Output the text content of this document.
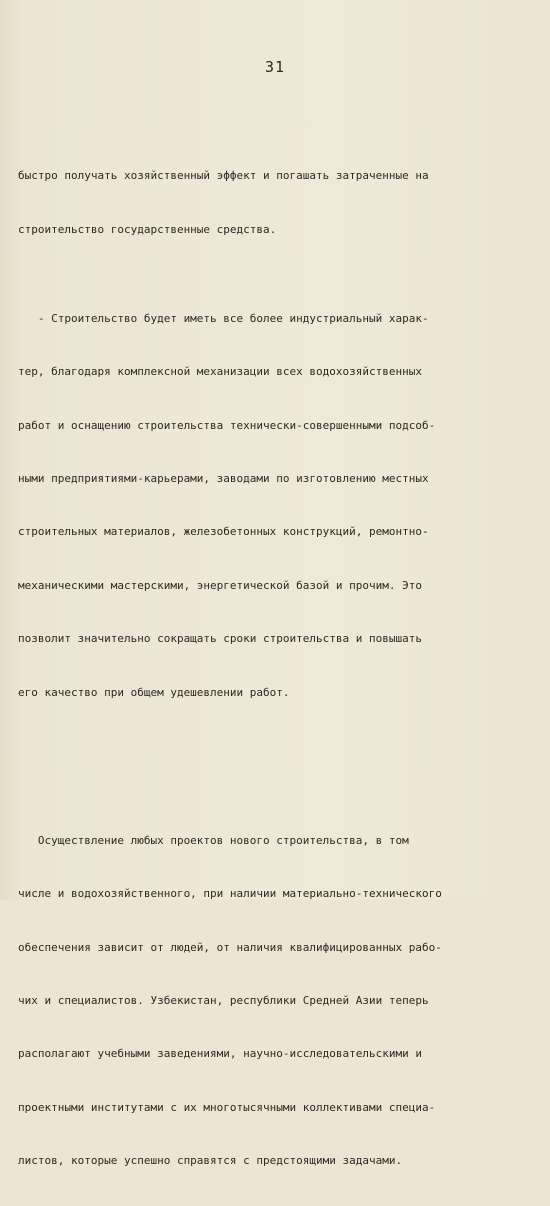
31

быстро получать хозяйственный эффект и погашать затраченные на

строительство государственные средства.

- Строительство будет иметь все более индустриальный харак-

тер, благодаря комплексной механизации всех водохозяйственных

работ и оснащению строительства технически-совершенными подсоб-

ными предприятиями-карьерами, заводами по изготовлению местных

строительных материалов, железобетонных конструкций, ремонтно-

механическими мастерскими, энергетической базой и прочим. Это

позволит значительно сокращать сроки строительства и повышать

его качество при общем удешевлении работ.

Осуществление любых проектов нового строительства, в том

числе и водохозяйственного, при наличии материально-технического

обеспечения зависит от людей, от наличия квалифицированных рабо-

чих и специалистов. Узбекистан, республики Средней Азии теперь

располагают учебными заведениями, научно-исследовательскими и

проектными институтами с их многотысячными коллективами специа-

листов, которые успешно справятся с предстоящими задачами.
